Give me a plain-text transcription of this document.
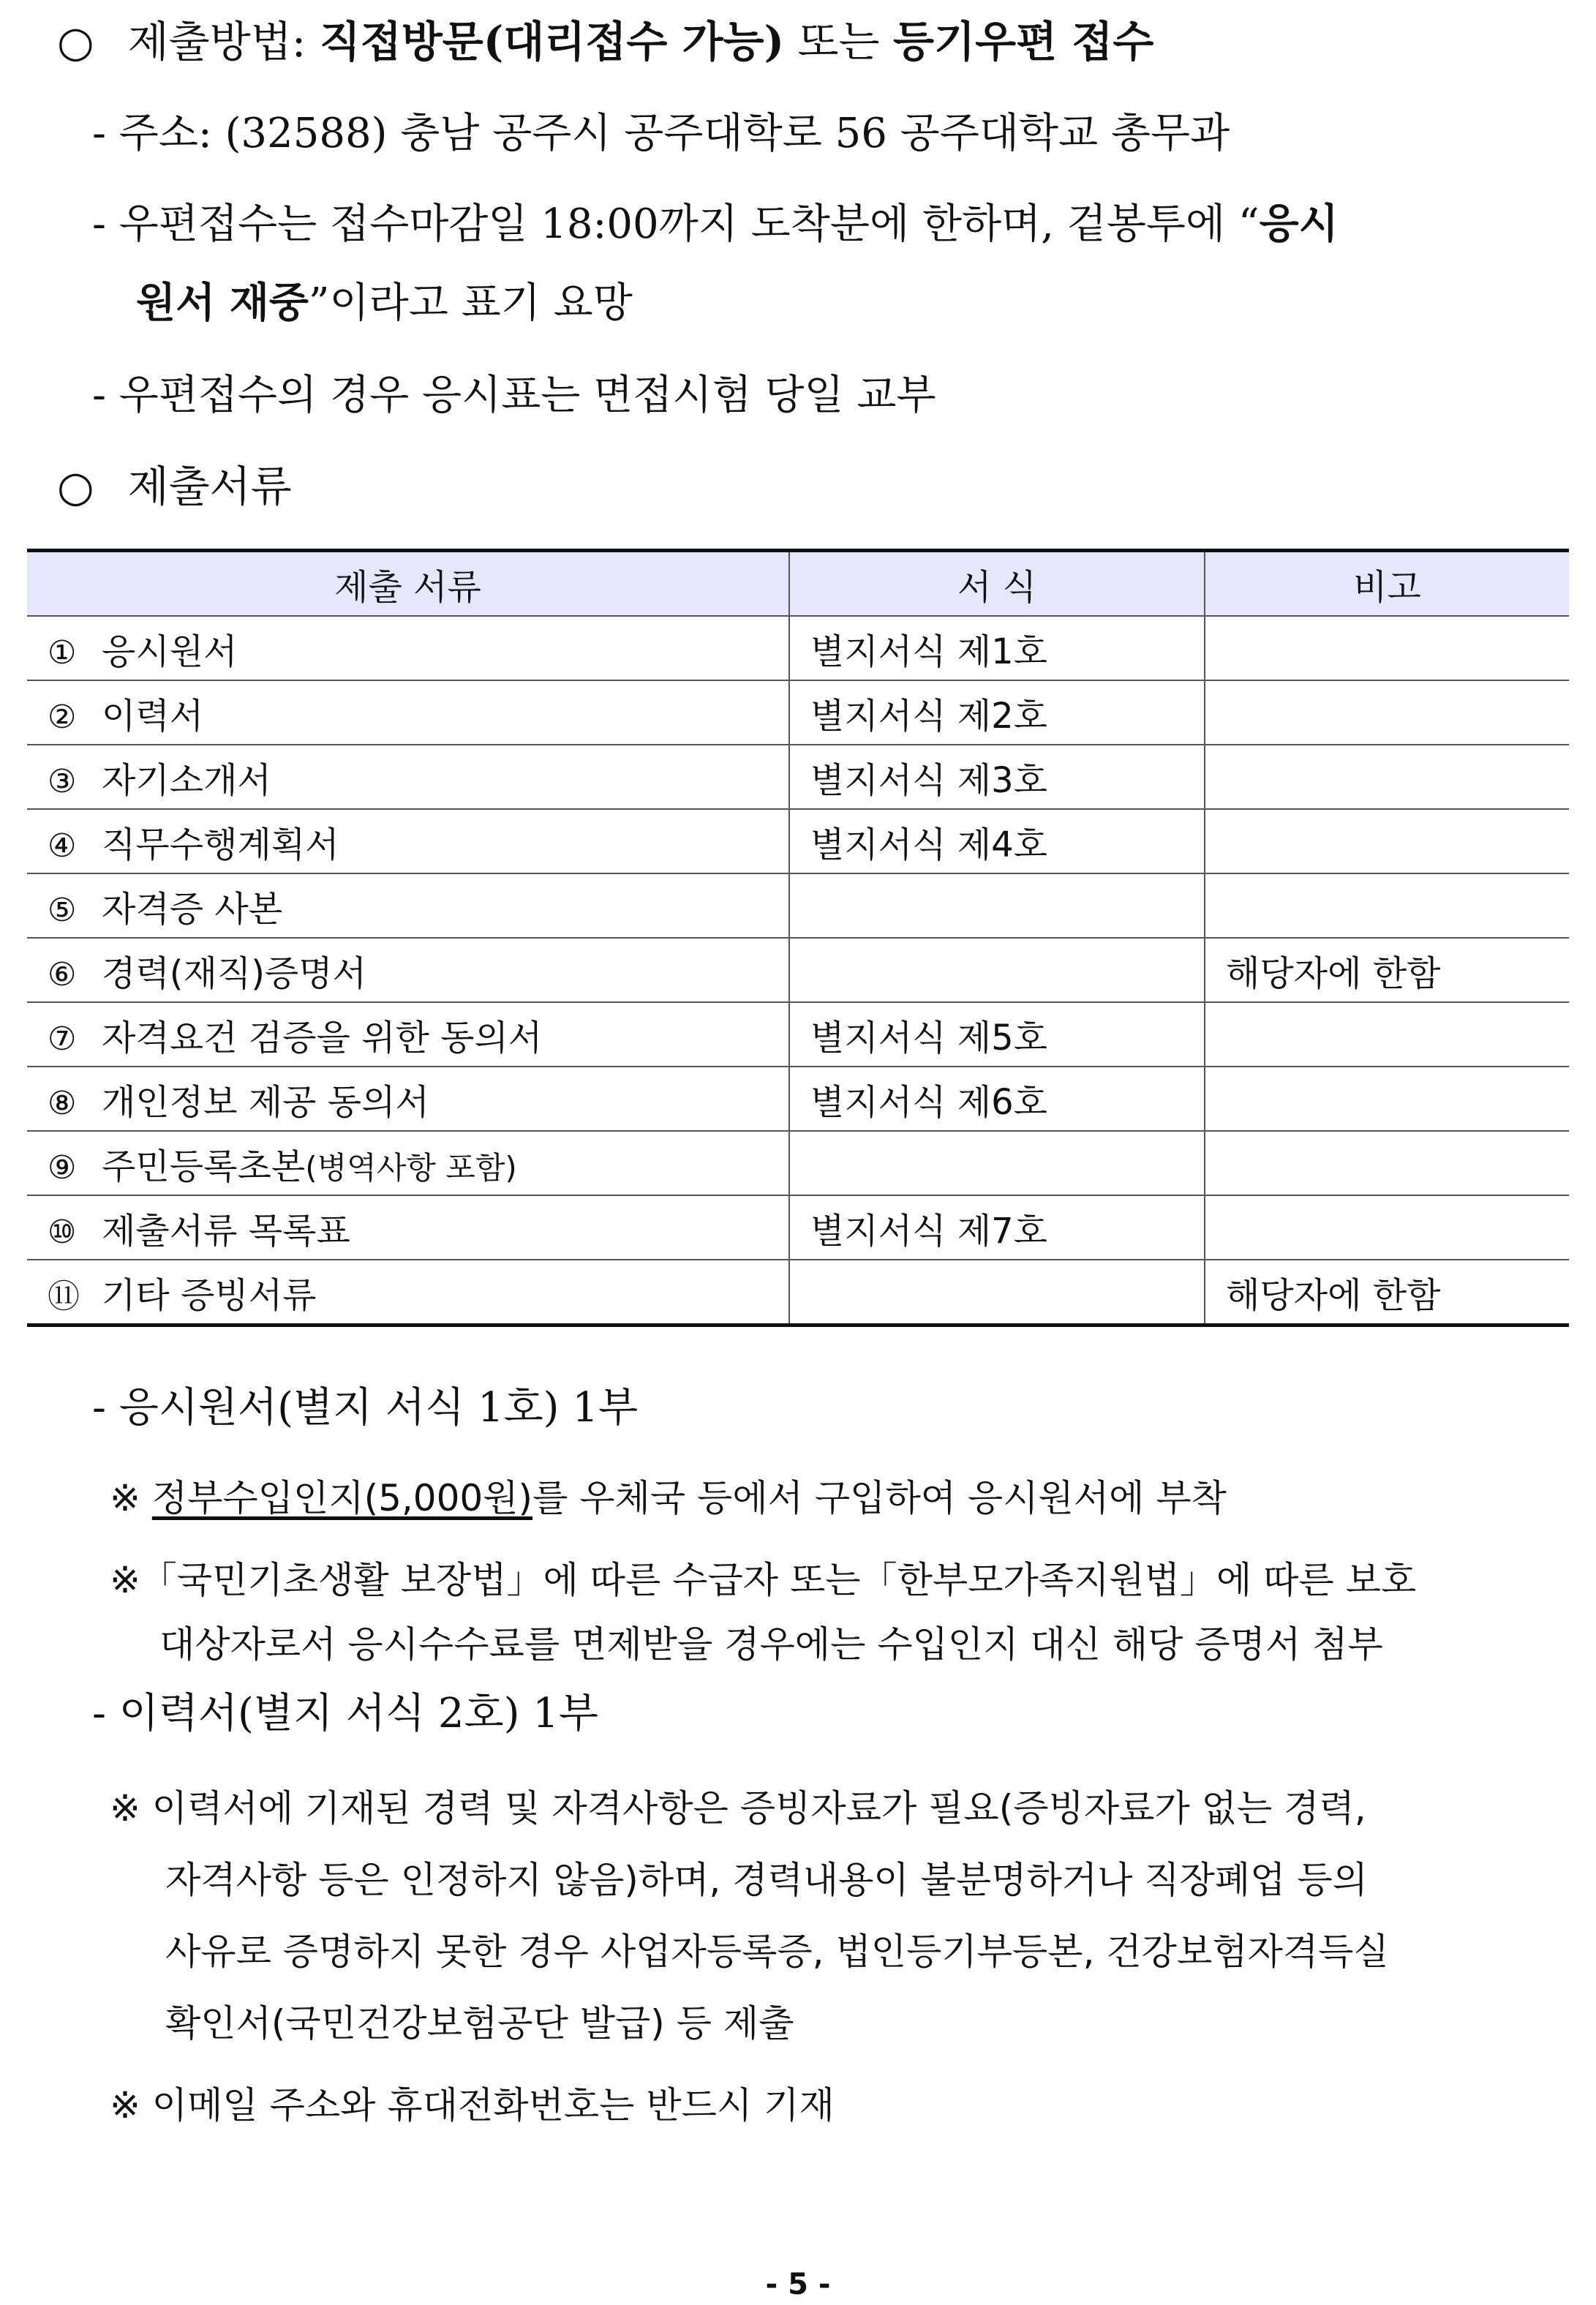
○ 제출방법: 직접방문(대리접수 가능) 또는 등기우편 접수
- 주소: (32588) 충남 공주시 공주대학로 56 공주대학교 총무과
- 우편접수는 접수마감일 18:00까지 도착분에 한하며, 겉봉투에 “응시
원서 재중”이라고 표기 요망
- 우편접수의 경우 응시표는 면접시험 당일 교부
○ 제출서류
제출 서류	서 식	비고
① 응시원서	별지서식 제1호	
② 이력서	별지서식 제2호	
③ 자기소개서	별지서식 제3호	
④ 직무수행계획서	별지서식 제4호	
⑤ 자격증 사본		
⑥ 경력(재직)증명서		해당자에 한함
⑦ 자격요건 검증을 위한 동의서	별지서식 제5호	
⑧ 개인정보 제공 동의서	별지서식 제6호	
⑨ 주민등록초본(병역사항 포함)		
⑩ 제출서류 목록표	별지서식 제7호	
⑪ 기타 증빙서류		해당자에 한함
- 응시원서(별지 서식 1호) 1부
※ 정부수입인지(5,000원)를 우체국 등에서 구입하여 응시원서에 부착
※「국민기초생활 보장법」에 따른 수급자 또는「한부모가족지원법」에 따른 보호
대상자로서 응시수수료를 면제받을 경우에는 수입인지 대신 해당 증명서 첨부
- 이력서(별지 서식 2호) 1부
※ 이력서에 기재된 경력 및 자격사항은 증빙자료가 필요(증빙자료가 없는 경력,
자격사항 등은 인정하지 않음)하며, 경력내용이 불분명하거나 직장폐업 등의
사유로 증명하지 못한 경우 사업자등록증, 법인등기부등본, 건강보험자격득실
확인서(국민건강보험공단 발급) 등 제출
※ 이메일 주소와 휴대전화번호는 반드시 기재
- 5 -
